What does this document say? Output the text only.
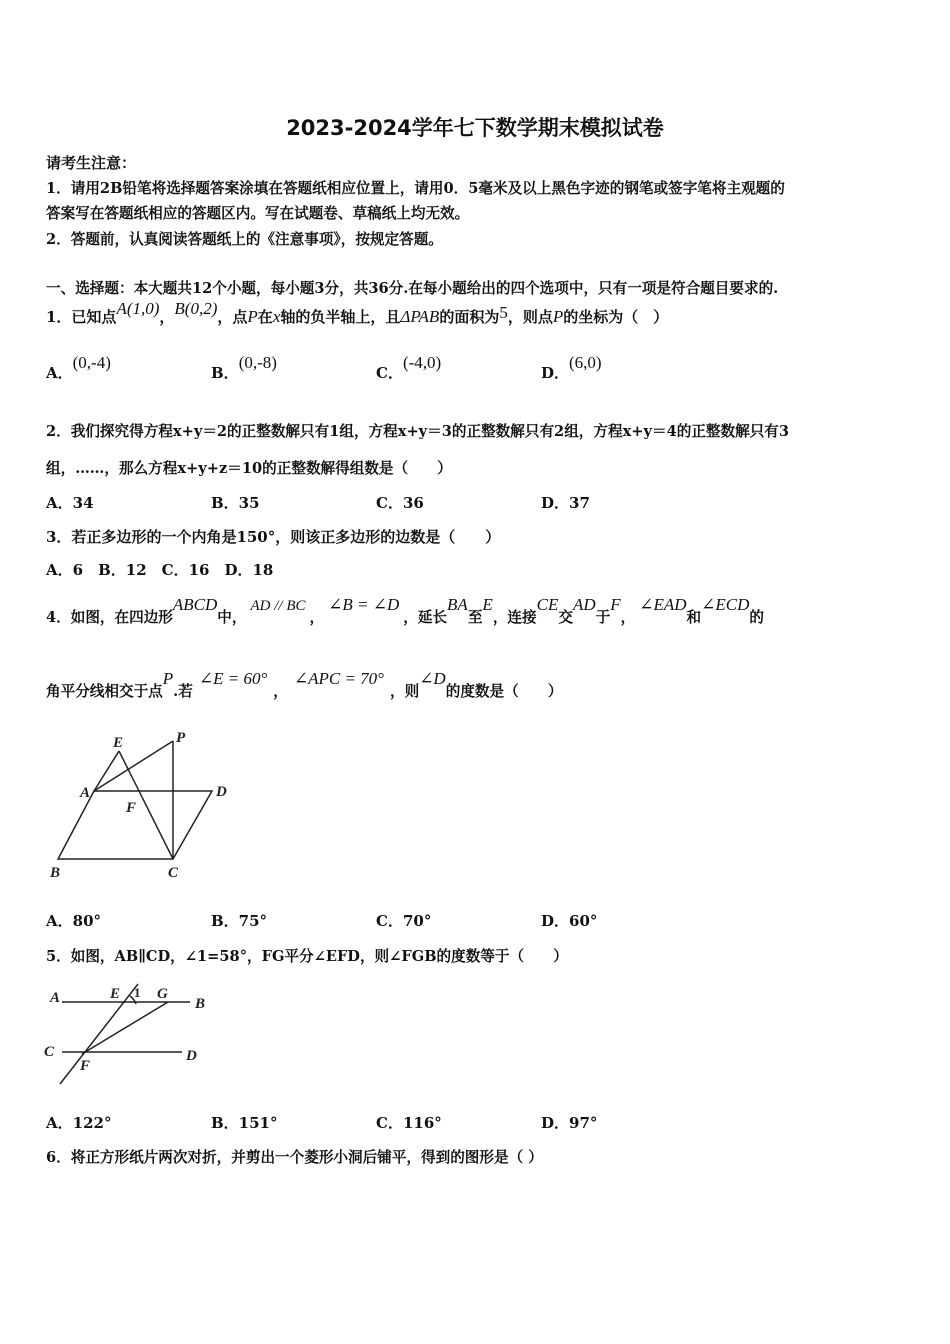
2023-2024学年七下数学期末模拟试卷
请考生注意：
1．请用2B铅笔将选择题答案涂填在答题纸相应位置上，请用0．5毫米及以上黑色字迹的钢笔或签字笔将主观题的
答案写在答题纸相应的答题区内。写在试题卷、草稿纸上均无效。
2．答题前，认真阅读答题纸上的《注意事项》，按规定答题。
一、选择题：本大题共12个小题，每小题3分，共36分.在每小题给出的四个选项中，只有一项是符合题目要求的.
1．已知点A(1,0)，B(0,2)，点P在x轴的负半轴上，且ΔPAB的面积为5，则点P的坐标为（　）
A．(0,-4)
B．(0,-8)
C．(-4,0)
D．(6,0)
2．我们探究得方程x+y＝2的正整数解只有1组，方程x+y＝3的正整数解只有2组，方程x+y＝4的正整数解只有3
组，……，那么方程x+y+z＝10的正整数解得组数是（　　）
A．34	B．35	C．36	D．37
3．若正多边形的一个内角是150°，则该正多边形的边数是（　　）
A．6　B．12　C．16　D．18
4．如图，在四边形ABCD中，AD // BC，∠B = ∠D，延长BA至E，连接CE交AD于F，∠EAD和∠ECD的
角平分线相交于点P.若∠E = 60°，∠APC = 70°，则∠D的度数是（　　）
E	P
A	D
F
B	C
A．80°	B．75°	C．70°	D．60°
5．如图，AB∥CD，∠1=58°，FG平分∠EFD，则∠FGB的度数等于（　　）
A	E 1 G
B
C
F
D
A．122°	B．151°	C．116°	D．97°
6．将正方形纸片两次对折，并剪出一个菱形小洞后铺平，得到的图形是（ ）
